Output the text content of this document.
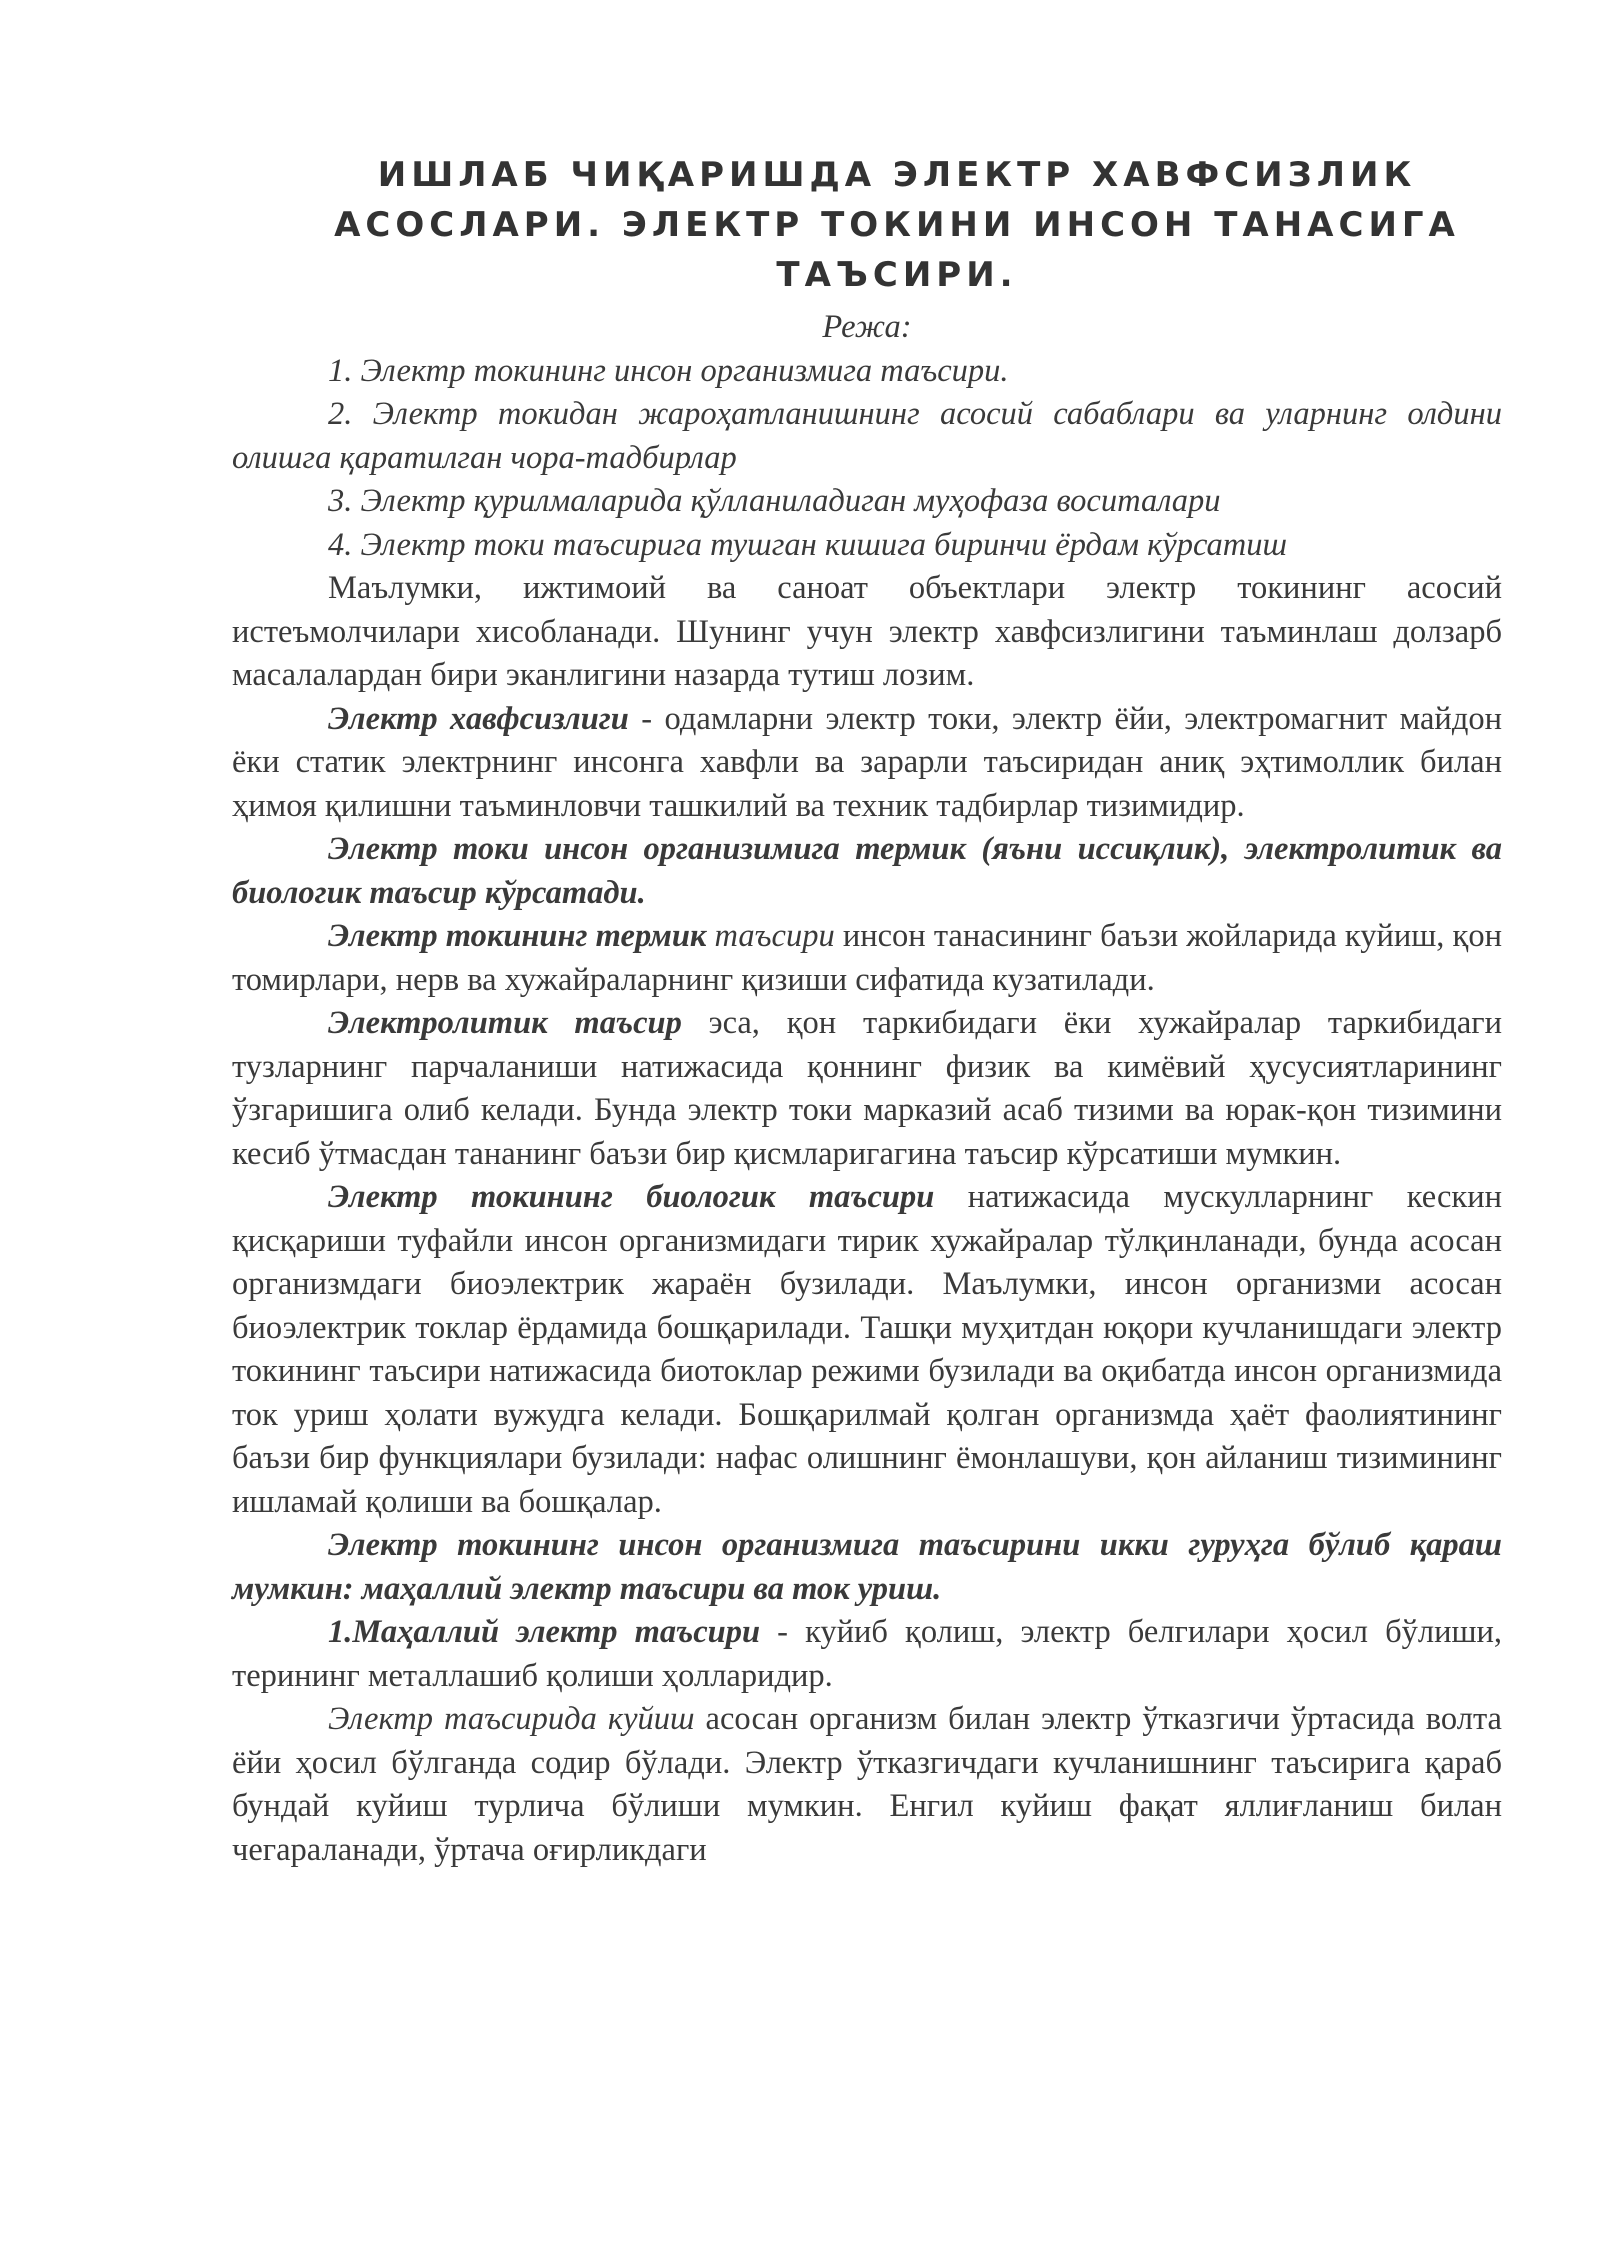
ИШЛАБ ЧИҚАРИШДА ЭЛЕКТР ХАВФСИЗЛИК АСОСЛАРИ. ЭЛЕКТР ТОКИНИ ИНСОН ТАНАСИГА ТАЪСИРИ.
Режа:
1. Электр токининг инсон организмига таъсири.
2. Электр токидан жароҳатланишнинг асосий сабаблари ва уларнинг олдини олишга қаратилган чора-тадбирлар
3. Электр қурилмаларида қўлланиладиган муҳофаза воситалари
4. Электр токи таъсирига тушган кишига биринчи ёрдам кўрсатиш

Маълумки, ижтимоий ва саноат объектлари электр токининг асосий истеъмолчилари хисобланади. Шунинг учун электр хавфсизлигини таъминлаш долзарб масалалардан бири эканлигини назарда тутиш лозим.

Электр хавфсизлиги - одамларни электр токи, электр ёйи, электромагнит майдон ёки статик электрнинг инсонга хавфли ва зарарли таъсиридан аниқ эҳтимоллик билан ҳимоя қилишни таъминловчи ташкилий ва техник тадбирлар тизимидир.

Электр токи инсон организимига термик (яъни иссиқлик), электролитик ва биологик таъсир кўрсатади.

Электр токининг термик таъсири инсон танасининг баъзи жойларида куйиш, қон томирлари, нерв ва хужайраларнинг қизиши сифатида кузатилади.

Электролитик таъсир эса, қон таркибидаги ёки хужайралар таркибидаги тузларнинг парчаланиши натижасида қоннинг физик ва кимёвий ҳусусиятларининг ўзгаришига олиб келади. Бунда электр токи марказий асаб тизими ва юрак-қон тизимини кесиб ўтмасдан тананинг баъзи бир қисмларигагина таъсир кўрсатиши мумкин.

Электр токининг биологик таъсири натижасида мускулларнинг кескин қисқариши туфайли инсон организмидаги тирик хужайралар тўлқинланади, бунда асосан организмдаги биоэлектрик жараён бузилади. Маълумки, инсон организми асосан биоэлектрик токлар ёрдамида бошқарилади. Ташқи муҳитдан юқори кучланишдаги электр токининг таъсири натижасида биотоклар режими бузилади ва оқибатда инсон организмида ток уриш ҳолати вужудга келади. Бошқарилмай қолган организмда ҳаёт фаолиятининг баъзи бир функциялари бузилади: нафас олишнинг ёмонлашуви, қон айланиш тизимининг ишламай қолиши ва бошқалар.

Электр токининг инсон организмига таъсирини икки гуруҳга бўлиб қараш мумкин: маҳаллий электр таъсири ва ток уриш.

1.Маҳаллий электр таъсири - куйиб қолиш, электр белгилари ҳосил бўлиши, терининг металлашиб қолиши ҳолларидир.

Электр таъсирида куйиш асосан организм билан электр ўтказгичи ўртасида волта ёйи ҳосил бўлганда содир бўлади. Электр ўтказгичдаги кучланишнинг таъсирига қараб бундай куйиш турлича бўлиши мумкин. Енгил куйиш фақат яллиғланиш билан чегараланади, ўртача оғирликдаги
